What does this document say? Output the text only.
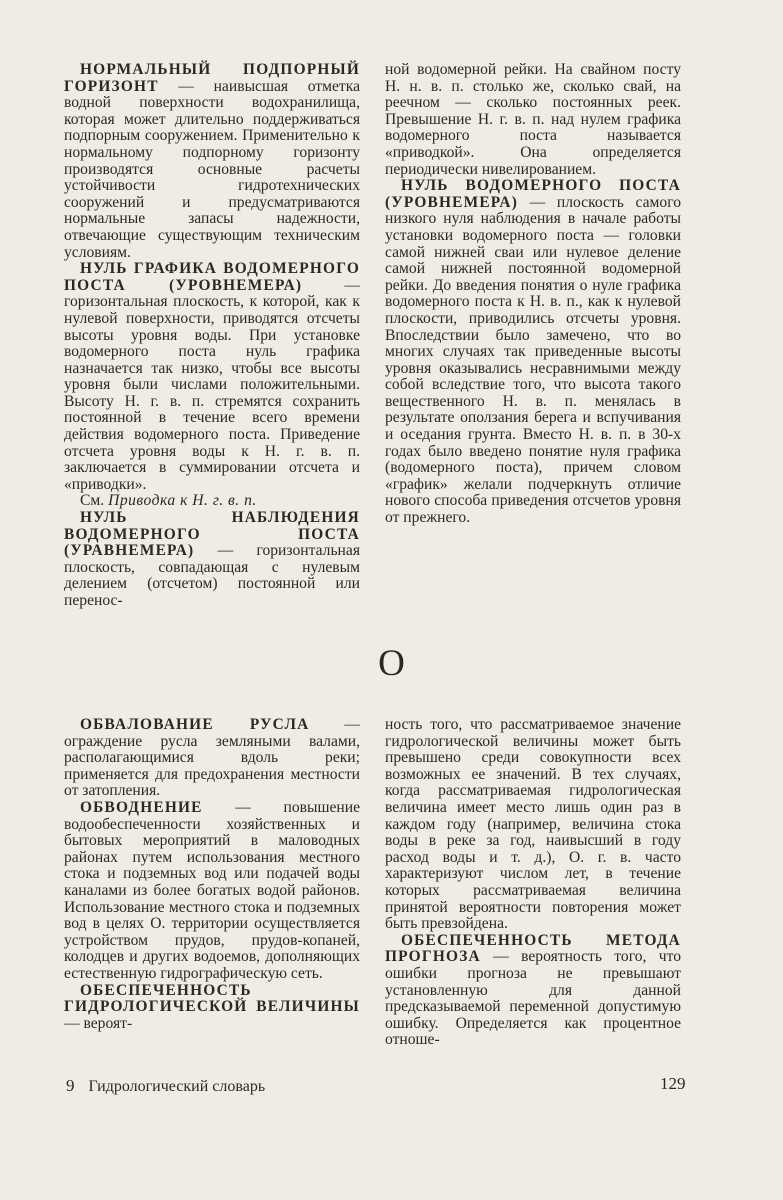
НОРМАЛЬНЫЙ ПОДПОРНЫЙ ГОРИЗОНТ — наивысшая отметка водной поверхности водохранилища, которая может длительно поддерживаться подпорным сооружением. Применительно к нормальному подпорному горизонту производятся основные расчеты устойчивости гидротехнических сооружений и предусматриваются нормальные запасы надежности, отвечающие существующим техническим условиям.

НУЛЬ ГРАФИКА ВОДОМЕРНОГО ПОСТА (УРОВНЕМЕРА) — горизонтальная плоскость, к которой, как к нулевой поверхности, приводятся отсчеты высоты уровня воды. При установке водомерного поста нуль графика назначается так низко, чтобы все высоты уровня были числами положительными. Высоту Н. г. в. п. стремятся сохранить постоянной в течение всего времени действия водомерного поста. Приведение отсчета уровня воды к Н. г. в. п. заключается в суммировании отсчета и «приводки».

См. Приводка к Н. г. в. п.

НУЛЬ НАБЛЮДЕНИЯ ВОДОМЕРНОГО ПОСТА (УРАВНЕМЕРА) — горизонтальная плоскость, совпадающая с нулевым делением (отсчетом) постоянной или перенос-

ной водомерной рейки. На свайном посту Н. н. в. п. столько же, сколько свай, на реечном — сколько постоянных реек. Превышение Н. г. в. п. над нулем графика водомерного поста называется «приводкой». Она определяется периодически нивелированием.

НУЛЬ ВОДОМЕРНОГО ПОСТА (УРОВНЕМЕРА) — плоскость самого низкого нуля наблюдения в начале работы установки водомерного поста — головки самой нижней сваи или нулевое деление самой нижней постоянной водомерной рейки. До введения понятия о нуле графика водомерного поста к Н. в. п., как к нулевой плоскости, приводились отсчеты уровня. Впоследствии было замечено, что во многих случаях так приведенные высоты уровня оказывались несравнимыми между собой вследствие того, что высота такого вещественного Н. в. п. менялась в результате оползания берега и вспучивания и оседания грунта. Вместо Н. в. п. в 30-х годах было введено понятие нуля графика (водомерного поста), причем словом «график» желали подчеркнуть отличие нового способа приведения отсчетов уровня от прежнего.

О

ОБВАЛОВАНИЕ РУСЛА — ограждение русла земляными валами, располагающимися вдоль реки; применяется для предохранения местности от затопления.

ОБВОДНЕНИЕ — повышение водообеспеченности хозяйственных и бытовых мероприятий в маловодных районах путем использования местного стока и подземных вод или подачей воды каналами из более богатых водой районов. Использование местного стока и подземных вод в целях О. территории осуществляется устройством прудов, прудов-копаней, колодцев и других водоемов, дополняющих естественную гидрографическую сеть.

ОБЕСПЕЧЕННОСТЬ ГИДРОЛОГИЧЕСКОЙ ВЕЛИЧИНЫ — вероят-

ность того, что рассматриваемое значение гидрологической величины может быть превышено среди совокупности всех возможных ее значений. В тех случаях, когда рассматриваемая гидрологическая величина имеет место лишь один раз в каждом году (например, величина стока воды в реке за год, наивысший в году расход воды и т. д.), О. г. в. часто характеризуют числом лет, в течение которых рассматриваемая величина принятой вероятности повторения может быть превзойдена.

ОБЕСПЕЧЕННОСТЬ МЕТОДА ПРОГНОЗА — вероятность того, что ошибки прогноза не превышают установленную для данной предсказываемой переменной допустимую ошибку. Определяется как процентное отноше-

9 Гидрологический словарь	129
